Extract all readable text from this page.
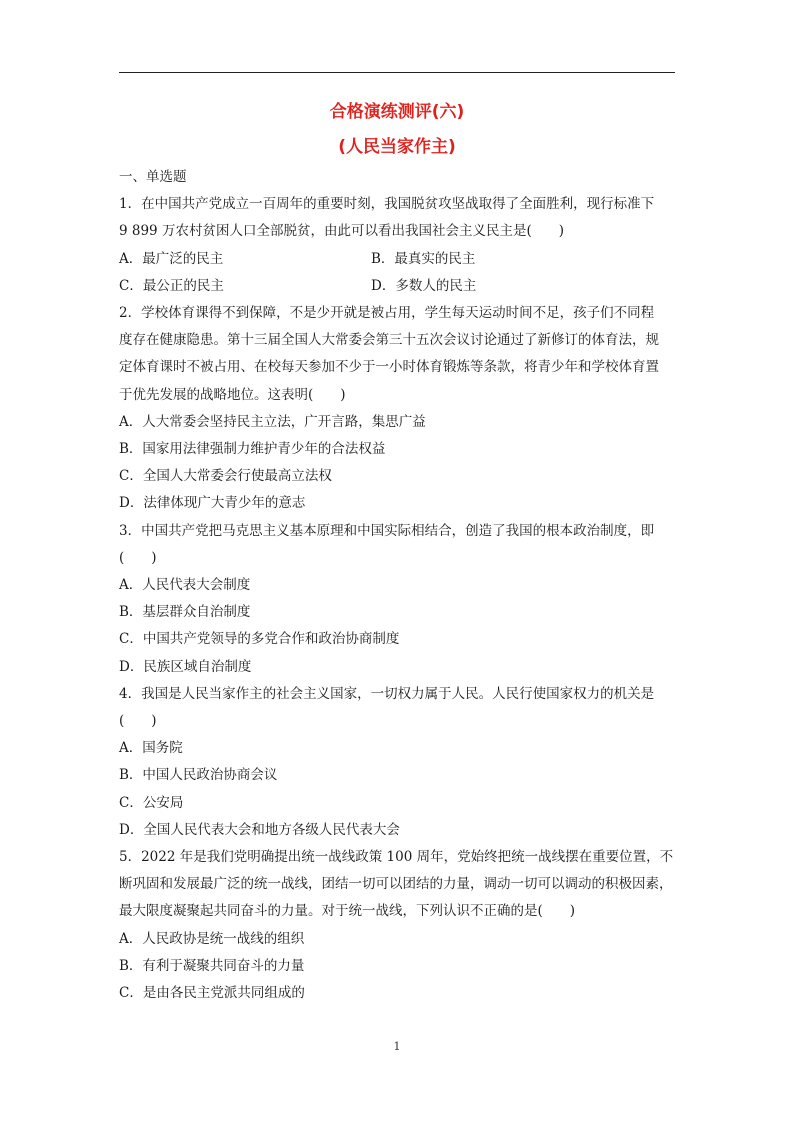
合格演练测评(六)
(人民当家作主)
一、单选题
1．在中国共产党成立一百周年的重要时刻，我国脱贫攻坚战取得了全面胜利，现行标准下
9 899 万农村贫困人口全部脱贫，由此可以看出我国社会主义民主是(　　)
A．最广泛的民主	B．最真实的民主
C．最公正的民主	D．多数人的民主
2．学校体育课得不到保障，不是少开就是被占用，学生每天运动时间不足，孩子们不同程
度存在健康隐患。第十三届全国人大常委会第三十五次会议讨论通过了新修订的体育法，规
定体育课时不被占用、在校每天参加不少于一小时体育锻炼等条款，将青少年和学校体育置
于优先发展的战略地位。这表明(　　)
A．人大常委会坚持民主立法，广开言路，集思广益
B．国家用法律强制力维护青少年的合法权益
C．全国人大常委会行使最高立法权
D．法律体现广大青少年的意志
3．中国共产党把马克思主义基本原理和中国实际相结合，创造了我国的根本政治制度，即
(　　)
A．人民代表大会制度
B．基层群众自治制度
C．中国共产党领导的多党合作和政治协商制度
D．民族区域自治制度
4．我国是人民当家作主的社会主义国家，一切权力属于人民。人民行使国家权力的机关是
(　　)
A．国务院
B．中国人民政治协商会议
C．公安局
D．全国人民代表大会和地方各级人民代表大会
5．2022 年是我们党明确提出统一战线政策 100 周年，党始终把统一战线摆在重要位置，不
断巩固和发展最广泛的统一战线，团结一切可以团结的力量，调动一切可以调动的积极因素，
最大限度凝聚起共同奋斗的力量。对于统一战线，下列认识不正确的是(　　)
A．人民政协是统一战线的组织
B．有利于凝聚共同奋斗的力量
C．是由各民主党派共同组成的
1
